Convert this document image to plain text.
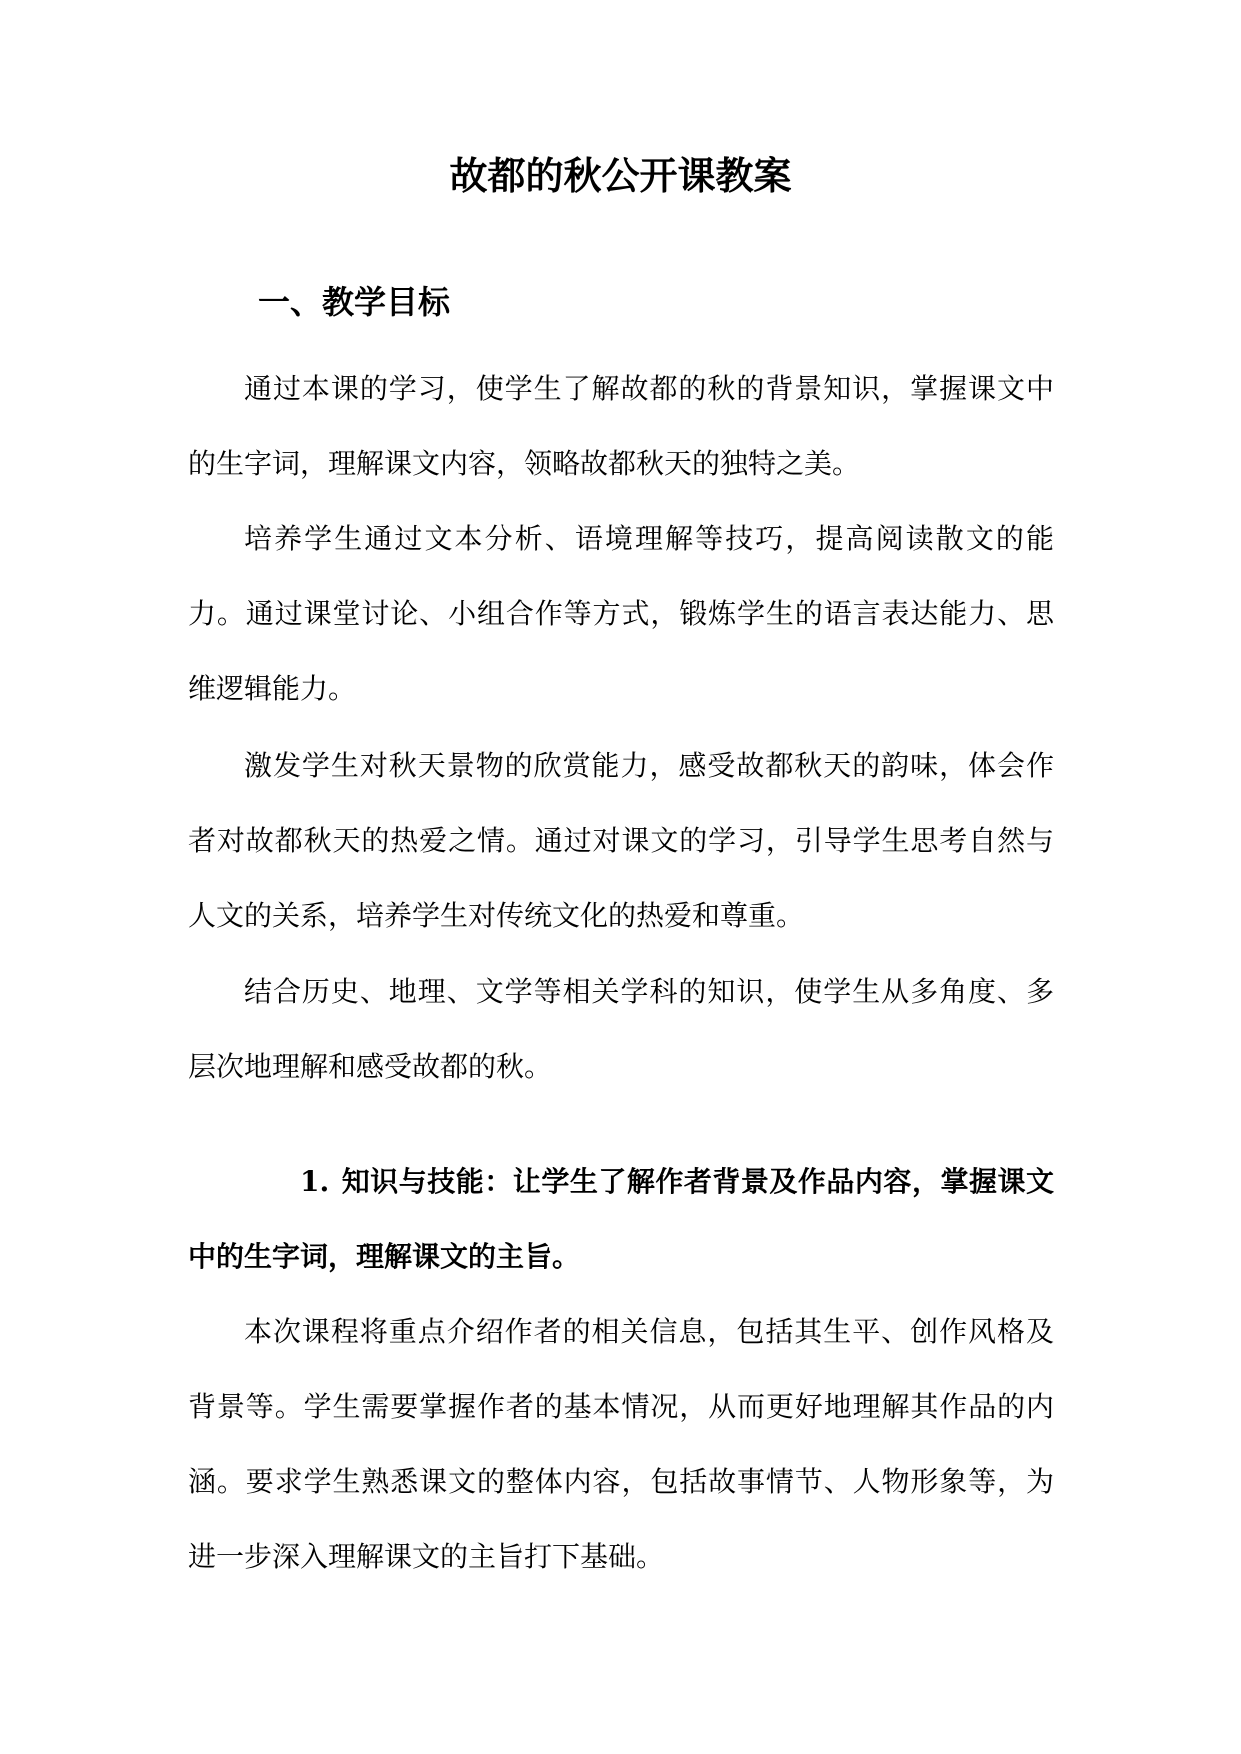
故都的秋公开课教案
一、教学目标

通过本课的学习，使学生了解故都的秋的背景知识，掌握课文中的生字词，理解课文内容，领略故都秋天的独特之美。

培养学生通过文本分析、语境理解等技巧，提高阅读散文的能力。通过课堂讨论、小组合作等方式，锻炼学生的语言表达能力、思维逻辑能力。

激发学生对秋天景物的欣赏能力，感受故都秋天的韵味，体会作者对故都秋天的热爱之情。通过对课文的学习，引导学生思考自然与人文的关系，培养学生对传统文化的热爱和尊重。

结合历史、地理、文学等相关学科的知识，使学生从多角度、多层次地理解和感受故都的秋。

1. 知识与技能：让学生了解作者背景及作品内容，掌握课文中的生字词，理解课文的主旨。

本次课程将重点介绍作者的相关信息，包括其生平、创作风格及背景等。学生需要掌握作者的基本情况，从而更好地理解其作品的内涵。要求学生熟悉课文的整体内容，包括故事情节、人物形象等，为进一步深入理解课文的主旨打下基础。
